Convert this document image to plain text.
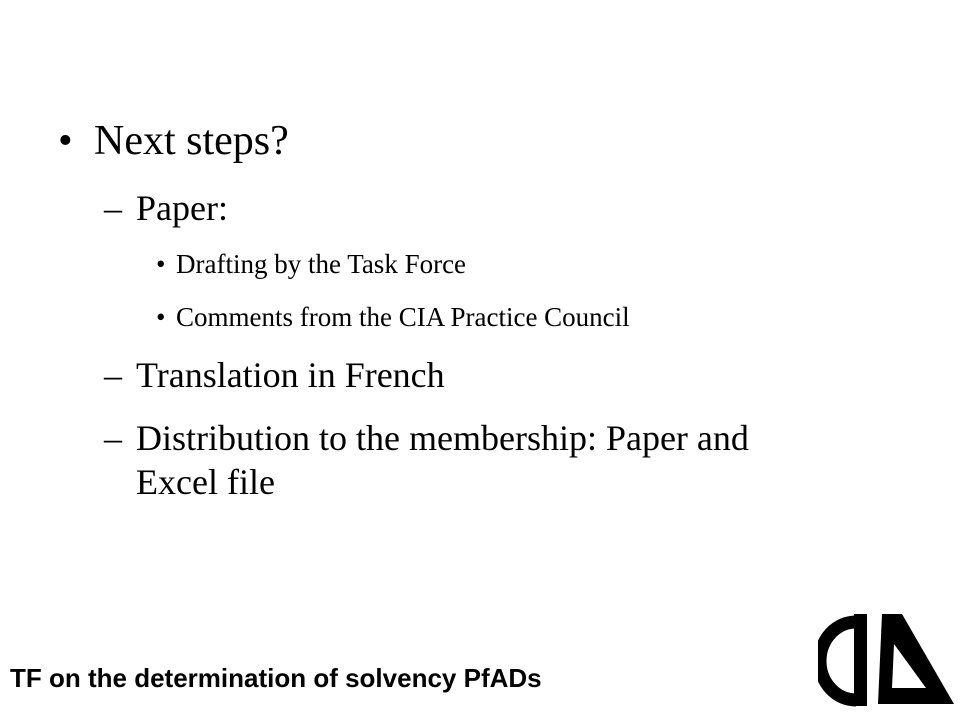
• Next steps?
– Paper:
• Drafting by the Task Force
• Comments from the CIA Practice Council
– Translation in French
– Distribution to the membership: Paper and
Excel file
TF on the determination of solvency PfADs
